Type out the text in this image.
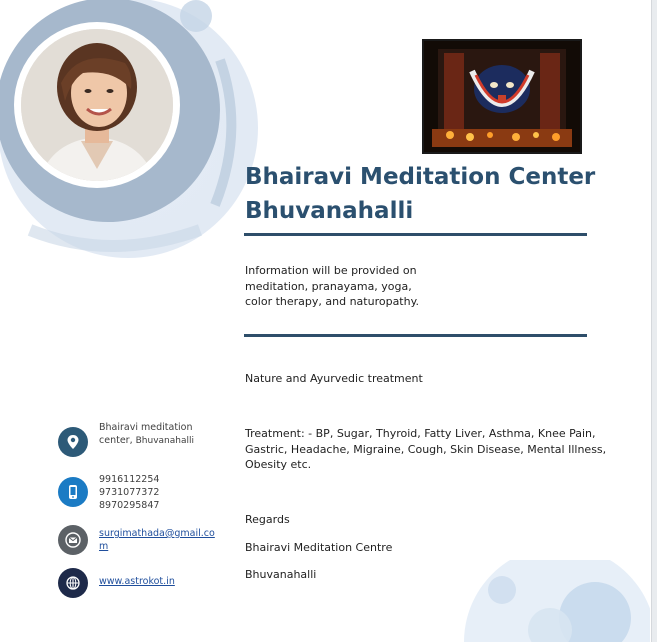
Bhairavi Meditation Center
Bhuvanahalli
Information will be provided on
meditation, pranayama, yoga,
color therapy, and naturopathy.
Nature and Ayurvedic treatment
Treatment: - BP, Sugar, Thyroid, Fatty Liver, Asthma, Knee Pain,
Gastric, Headache, Migraine, Cough, Skin Disease, Mental Illness,
Obesity etc.
Regards
Bhairavi Meditation Centre
Bhuvanahalli
Bhairavi meditation
center, Bhuvanahalli
9916112254
9731077372
8970295847
surgimathada@gmail.co
m
www.astrokot.in
